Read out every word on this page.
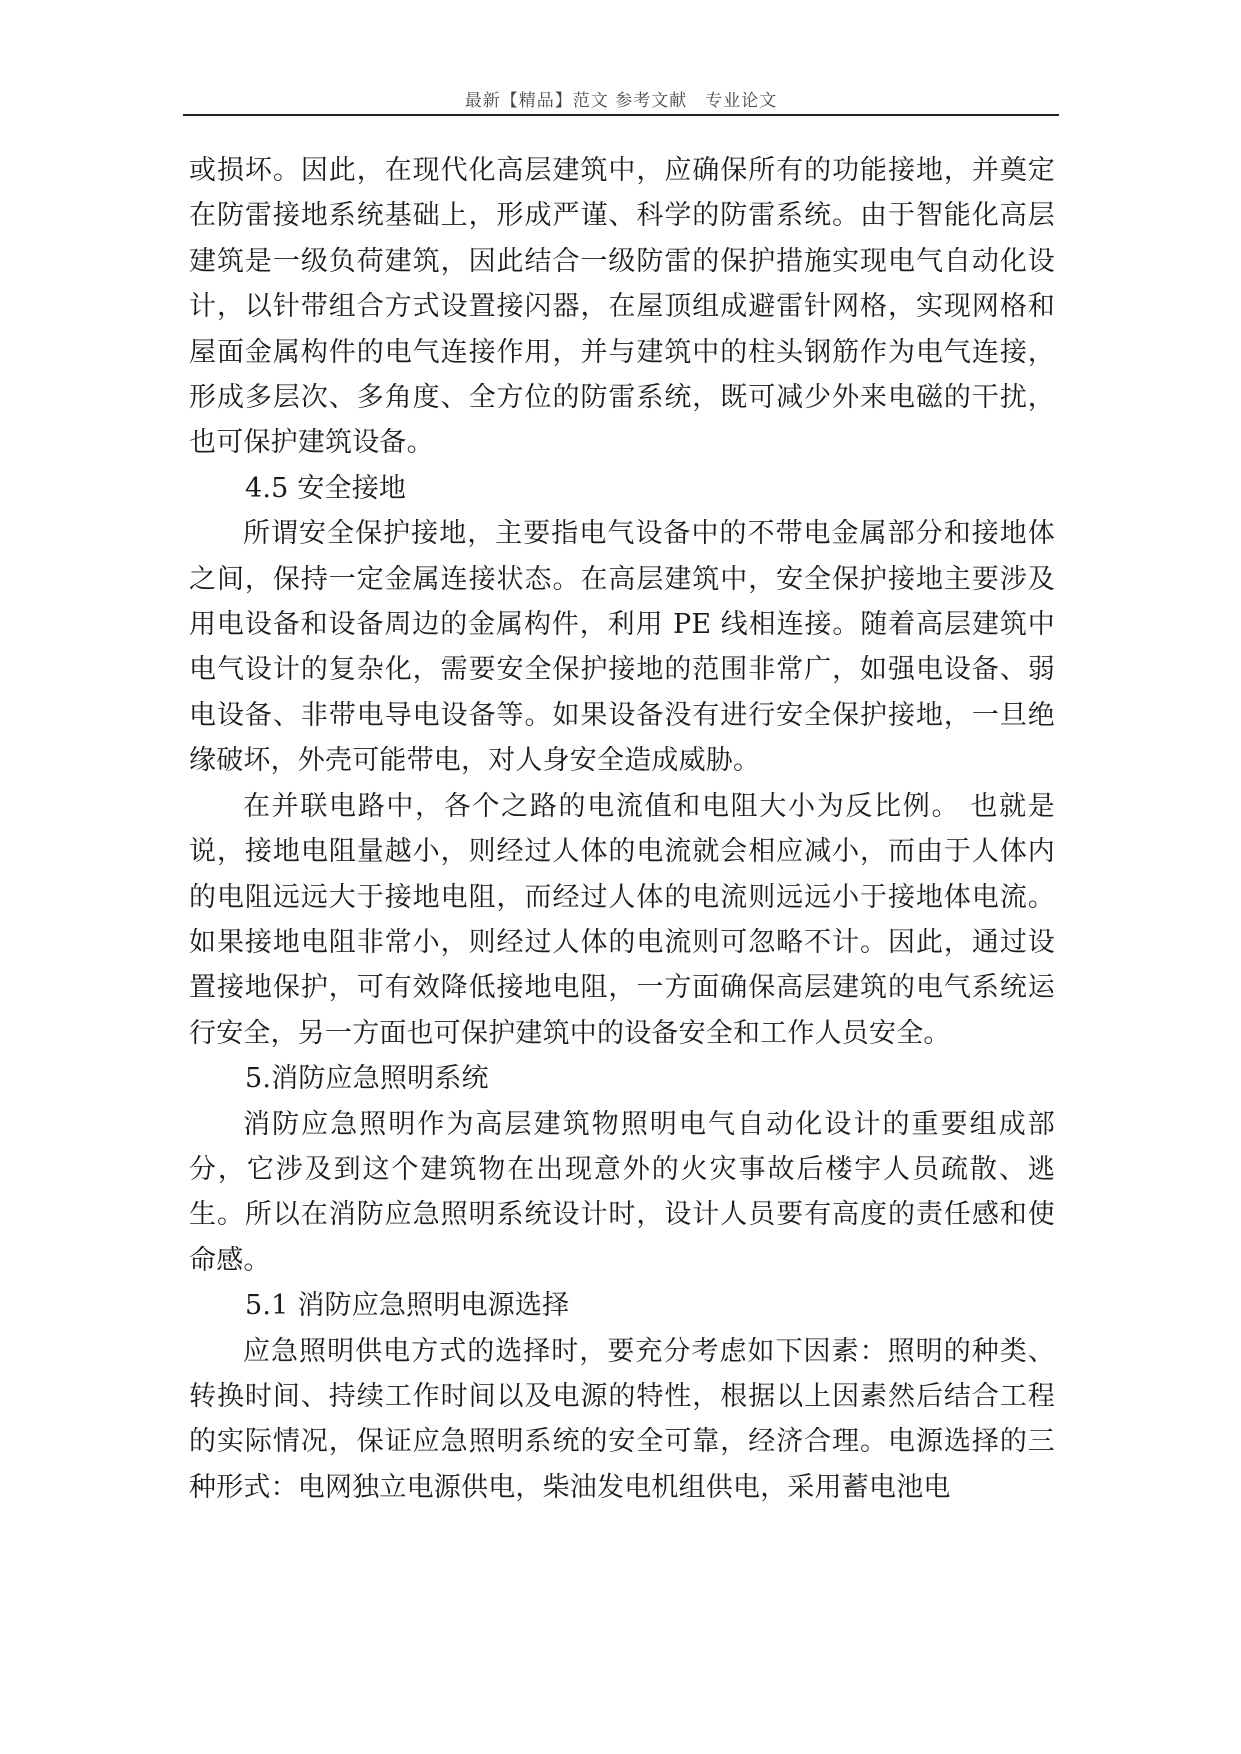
最新【精品】范文 参考文献　专业论文

或损坏。因此，在现代化高层建筑中，应确保所有的功能接地，并奠定在防雷接地系统基础上，形成严谨、科学的防雷系统。由于智能化高层建筑是一级负荷建筑，因此结合一级防雷的保护措施实现电气自动化设计，以针带组合方式设置接闪器，在屋顶组成避雷针网格，实现网格和屋面金属构件的电气连接作用，并与建筑中的柱头钢筋作为电气连接，形成多层次、多角度、全方位的防雷系统，既可减少外来电磁的干扰，也可保护建筑设备。

4.5 安全接地

所谓安全保护接地，主要指电气设备中的不带电金属部分和接地体之间，保持一定金属连接状态。在高层建筑中，安全保护接地主要涉及用电设备和设备周边的金属构件，利用 PE 线相连接。随着高层建筑中电气设计的复杂化，需要安全保护接地的范围非常广，如强电设备、弱电设备、非带电导电设备等。如果设备没有进行安全保护接地，一旦绝缘破坏，外壳可能带电，对人身安全造成威胁。

在并联电路中，各个之路的电流值和电阻大小为反比例。 也就是说，接地电阻量越小，则经过人体的电流就会相应减小，而由于人体内的电阻远远大于接地电阻，而经过人体的电流则远远小于接地体电流。如果接地电阻非常小，则经过人体的电流则可忽略不计。因此，通过设置接地保护，可有效降低接地电阻，一方面确保高层建筑的电气系统运行安全，另一方面也可保护建筑中的设备安全和工作人员安全。

5.消防应急照明系统

消防应急照明作为高层建筑物照明电气自动化设计的重要组成部分，它涉及到这个建筑物在出现意外的火灾事故后楼宇人员疏散、逃生。所以在消防应急照明系统设计时，设计人员要有高度的责任感和使命感。

5.1 消防应急照明电源选择

应急照明供电方式的选择时，要充分考虑如下因素：照明的种类、转换时间、持续工作时间以及电源的特性，根据以上因素然后结合工程的实际情况，保证应急照明系统的安全可靠，经济合理。电源选择的三种形式：电网独立电源供电，柴油发电机组供电，采用蓄电池电
